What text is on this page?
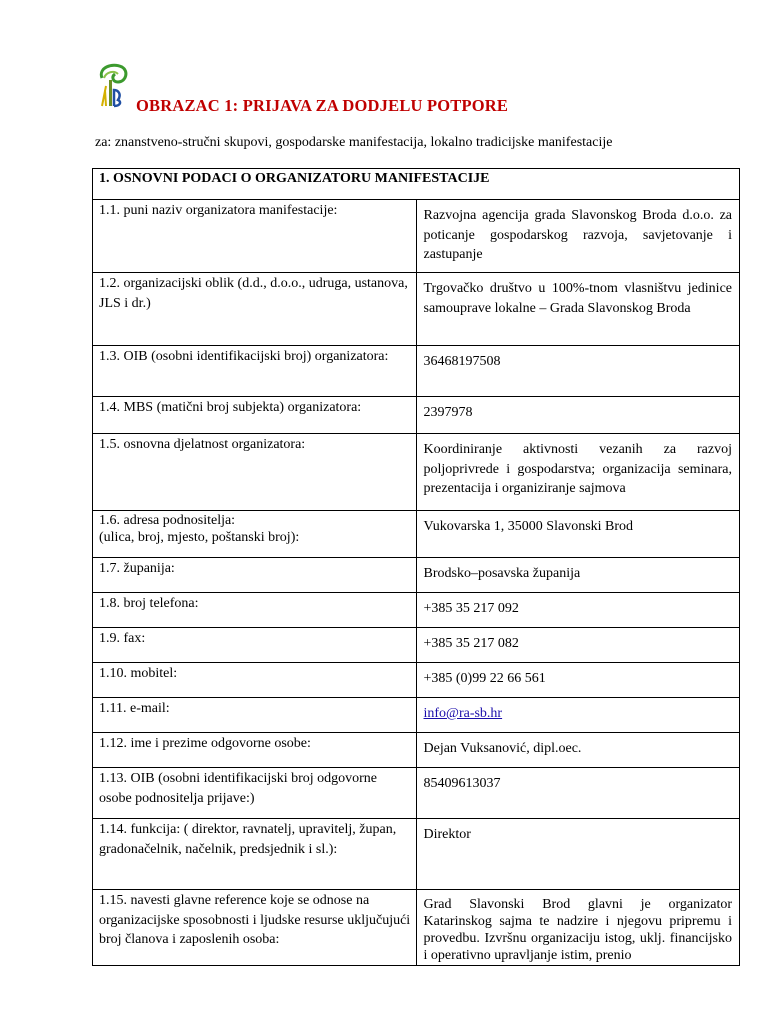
OBRAZAC 1: PRIJAVA ZA DODJELU POTPORE
za: znanstveno-stručni skupovi, gospodarske manifestacija, lokalno tradicijske manifestacije
1. OSNOVNI PODACI O ORGANIZATORU MANIFESTACIJE	
1.1. puni naziv organizatora manifestacije:	Razvojna agencija grada Slavonskog Broda d.o.o. za poticanje gospodarskog razvoja, savjetovanje i zastupanje
1.2. organizacijski oblik (d.d., d.o.o., udruga, ustanova, JLS i dr.)	Trgovačko društvo u 100%-tnom vlasništvu jedinice samouprave lokalne – Grada Slavonskog Broda
1.3. OIB (osobni identifikacijski broj) organizatora:	36468197508
1.4. MBS (matični broj subjekta) organizatora:	2397978
1.5. osnovna djelatnost organizatora:	Koordiniranje aktivnosti vezanih za razvoj poljoprivrede i gospodarstva; organizacija seminara, prezentacija i organiziranje sajmova

1.6. adresa podnositelja:
(ulica, broj, mjesto, poštanski broj):	Vukovarska 1, 35000 Slavonski Brod
1.7. županija:	Brodsko–posavska županija
1.8. broj telefona:	+385 35 217 092
1.9. fax:	+385 35 217 082
1.10. mobitel:	+385 (0)99 22 66 561
1.11. e-mail:	info@ra-sb.hr
1.12. ime i prezime odgovorne osobe:	Dejan Vuksanović, dipl.oec.
1.13. OIB (osobni identifikacijski broj odgovorne osobe podnositelja prijave:)	85409613037
1.14. funkcija: ( direktor, ravnatelj, upravitelj, župan, gradonačelnik, načelnik, predsjednik i sl.):	Direktor
1.15. navesti glavne reference koje se odnose na organizacijske sposobnosti i ljudske resurse uključujući broj članova i zaposlenih osoba:	Grad Slavonski Brod glavni je organizator Katarinskog sajma te nadzire i njegovu pripremu i provedbu. Izvršnu organizaciju istog, uklj. financijsko i operativno upravljanje istim, prenio
